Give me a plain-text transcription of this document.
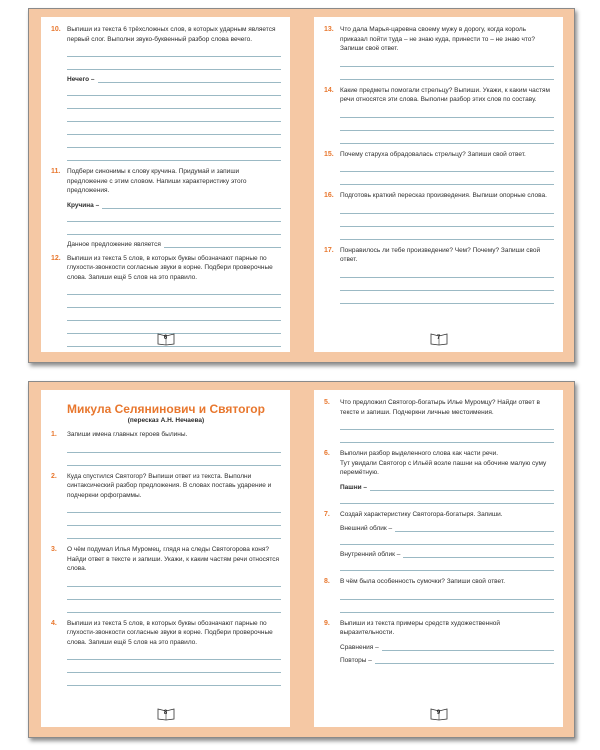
10. Выпиши из текста 6 трёхсложных слов, в которых ударным является первый слог. Выполни звуко-буквенный разбор слова вечего.
Нечего –
11. Подбери синонимы к слову кручина. Придумай и запиши предложение с этим словом. Напиши характеристику этого предложения.
Кручина –
Данное предложение является
12. Выпиши из текста 5 слов, в которых буквы обозначают парные по глухости-звонкости согласные звуки в корне. Подбери проверочные слова. Запиши ещё 5 слов на это правило.
6
13. Что дала Марья-царевна своему мужу в дорогу, когда король приказал пойти туда – не знаю куда, принести то – не знаю что? Запиши своё ответ.
14. Какие предметы помогали стрельцу? Выпиши. Укажи, к каким частям речи относятся эти слова. Выполни разбор этих слов по составу.
15. Почему старуха обрадовалась стрельцу? Запиши свой ответ.
16. Подготовь краткий пересказ произведения. Выпиши опорные слова.
17. Понравилось ли тебе произведение? Чем? Почему? Запиши свой ответ.
7
Микула Селянинович и Святогор
(пересказ А.Н. Нечаева)
1. Запиши имена главных героев былины.
2. Куда спустился Святогор? Выпиши ответ из текста. Выполни синтаксический разбор предложения. В словах поставь ударение и подчеркни орфограммы.
3. О чём подумал Илья Муромец, глядя на следы Святогорова коня? Найди ответ в тексте и запиши. Укажи, к каким частям речи относятся слова.
4. Выпиши из текста 5 слов, в которых буквы обозначают парные по глухости-звонкости согласные звуки в корне. Подбери проверочные слова. Запиши ещё 5 слов на это правило.
8
5. Что предложил Святогор-богатырь Илье Муромцу? Найди ответ в тексте и запиши. Подчеркни личные местоимения.
6. Выполни разбор выделенного слова как части речи.
Тут увидали Святогор с Ильёй возле пашни на обочине малую суму перемётную.
Пашни –
7. Создай характеристику Святогора-богатыря. Запиши.
Внешний облик –
Внутренний облик –
8. В чём была особенность сумочки? Запиши свой ответ.
9. Выпиши из текста примеры средств художественной выразительности.
Сравнения –
Повторы –
9
